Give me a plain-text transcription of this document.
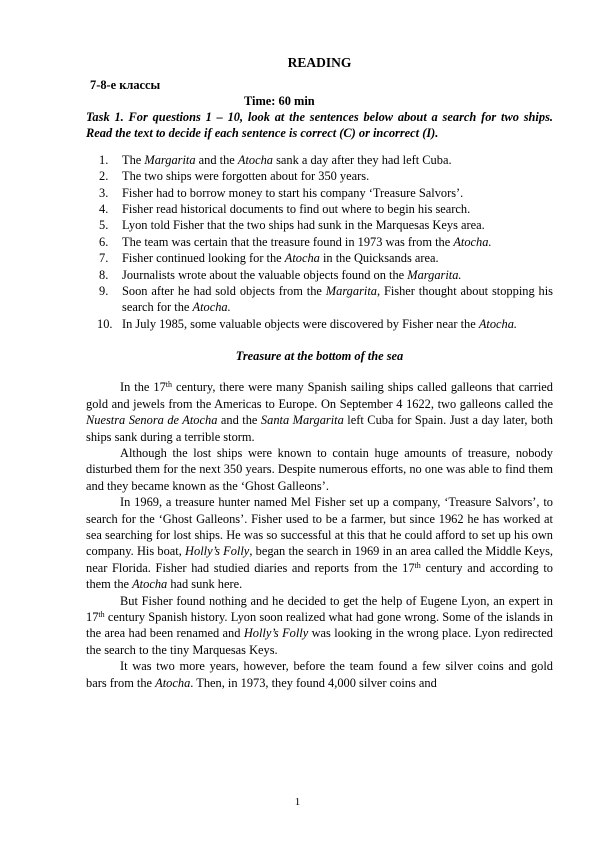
READING

7-8-е классы

Time: 60 min

Task 1. For questions 1 – 10, look at the sentences below about a search for two ships. Read the text to decide if each sentence is correct (C) or incorrect (I).

1. The Margarita and the Atocha sank a day after they had left Cuba.
2. The two ships were forgotten about for 350 years.
3. Fisher had to borrow money to start his company ‘Treasure Salvors’.
4. Fisher read historical documents to find out where to begin his search.
5. Lyon told Fisher that the two ships had sunk in the Marquesas Keys area.
6. The team was certain that the treasure found in 1973 was from the Atocha.
7. Fisher continued looking for the Atocha in the Quicksands area.
8. Journalists wrote about the valuable objects found on the Margarita.
9. Soon after he had sold objects from the Margarita, Fisher thought about stopping his search for the Atocha.
10. In July 1985, some valuable objects were discovered by Fisher near the Atocha.

Treasure at the bottom of the sea

In the 17th century, there were many Spanish sailing ships called galleons that carried gold and jewels from the Americas to Europe. On September 4 1622, two galleons called the Nuestra Senora de Atocha and the Santa Margarita left Cuba for Spain. Just a day later, both ships sank during a terrible storm.

Although the lost ships were known to contain huge amounts of treasure, nobody disturbed them for the next 350 years. Despite numerous efforts, no one was able to find them and they became known as the ‘Ghost Galleons’.

In 1969, a treasure hunter named Mel Fisher set up a company, ‘Treasure Salvors’, to search for the ‘Ghost Galleons’. Fisher used to be a farmer, but since 1962 he has worked at sea searching for lost ships. He was so successful at this that he could afford to set up his own company. His boat, Holly’s Folly, began the search in 1969 in an area called the Middle Keys, near Florida. Fisher had studied diaries and reports from the 17th century and according to them the Atocha had sunk here.

But Fisher found nothing and he decided to get the help of Eugene Lyon, an expert in 17th century Spanish history. Lyon soon realized what had gone wrong. Some of the islands in the area had been renamed and Holly’s Folly was looking in the wrong place. Lyon redirected the search to the tiny Marquesas Keys.

It was two more years, however, before the team found a few silver coins and gold bars from the Atocha. Then, in 1973, they found 4,000 silver coins and

1
